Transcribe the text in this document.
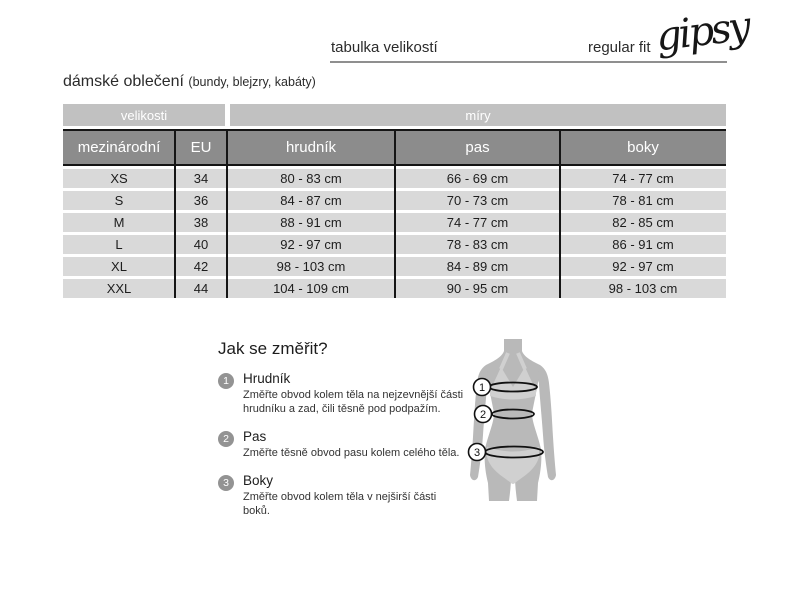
tabulka velikostí	regular fit gipsy
dámské oblečení (bundy, blejzry, kabáty)
velikosti	míry
mezinárodní	EU	hrudník	pas	boky
XS	34	80 - 83 cm	66 - 69 cm	74 - 77 cm
S	36	84 - 87 cm	70 - 73 cm	78 - 81 cm
M	38	88 - 91 cm	74 - 77 cm	82 - 85 cm
L	40	92 - 97 cm	78 - 83 cm	86 - 91 cm
XL	42	98 - 103 cm	84 - 89 cm	92 - 97 cm
XXL	44	104 - 109 cm	90 - 95 cm	98 - 103 cm
Jak se změřit?
1	Hrudník
Změřte obvod kolem těla na nejzevnější části hrudníku a zad, čili těsně pod podpažím.
2	Pas
Změřte těsně obvod pasu kolem celého těla.
3	Boky
Změřte obvod kolem těla v nejširší části boků.
1
2
3
